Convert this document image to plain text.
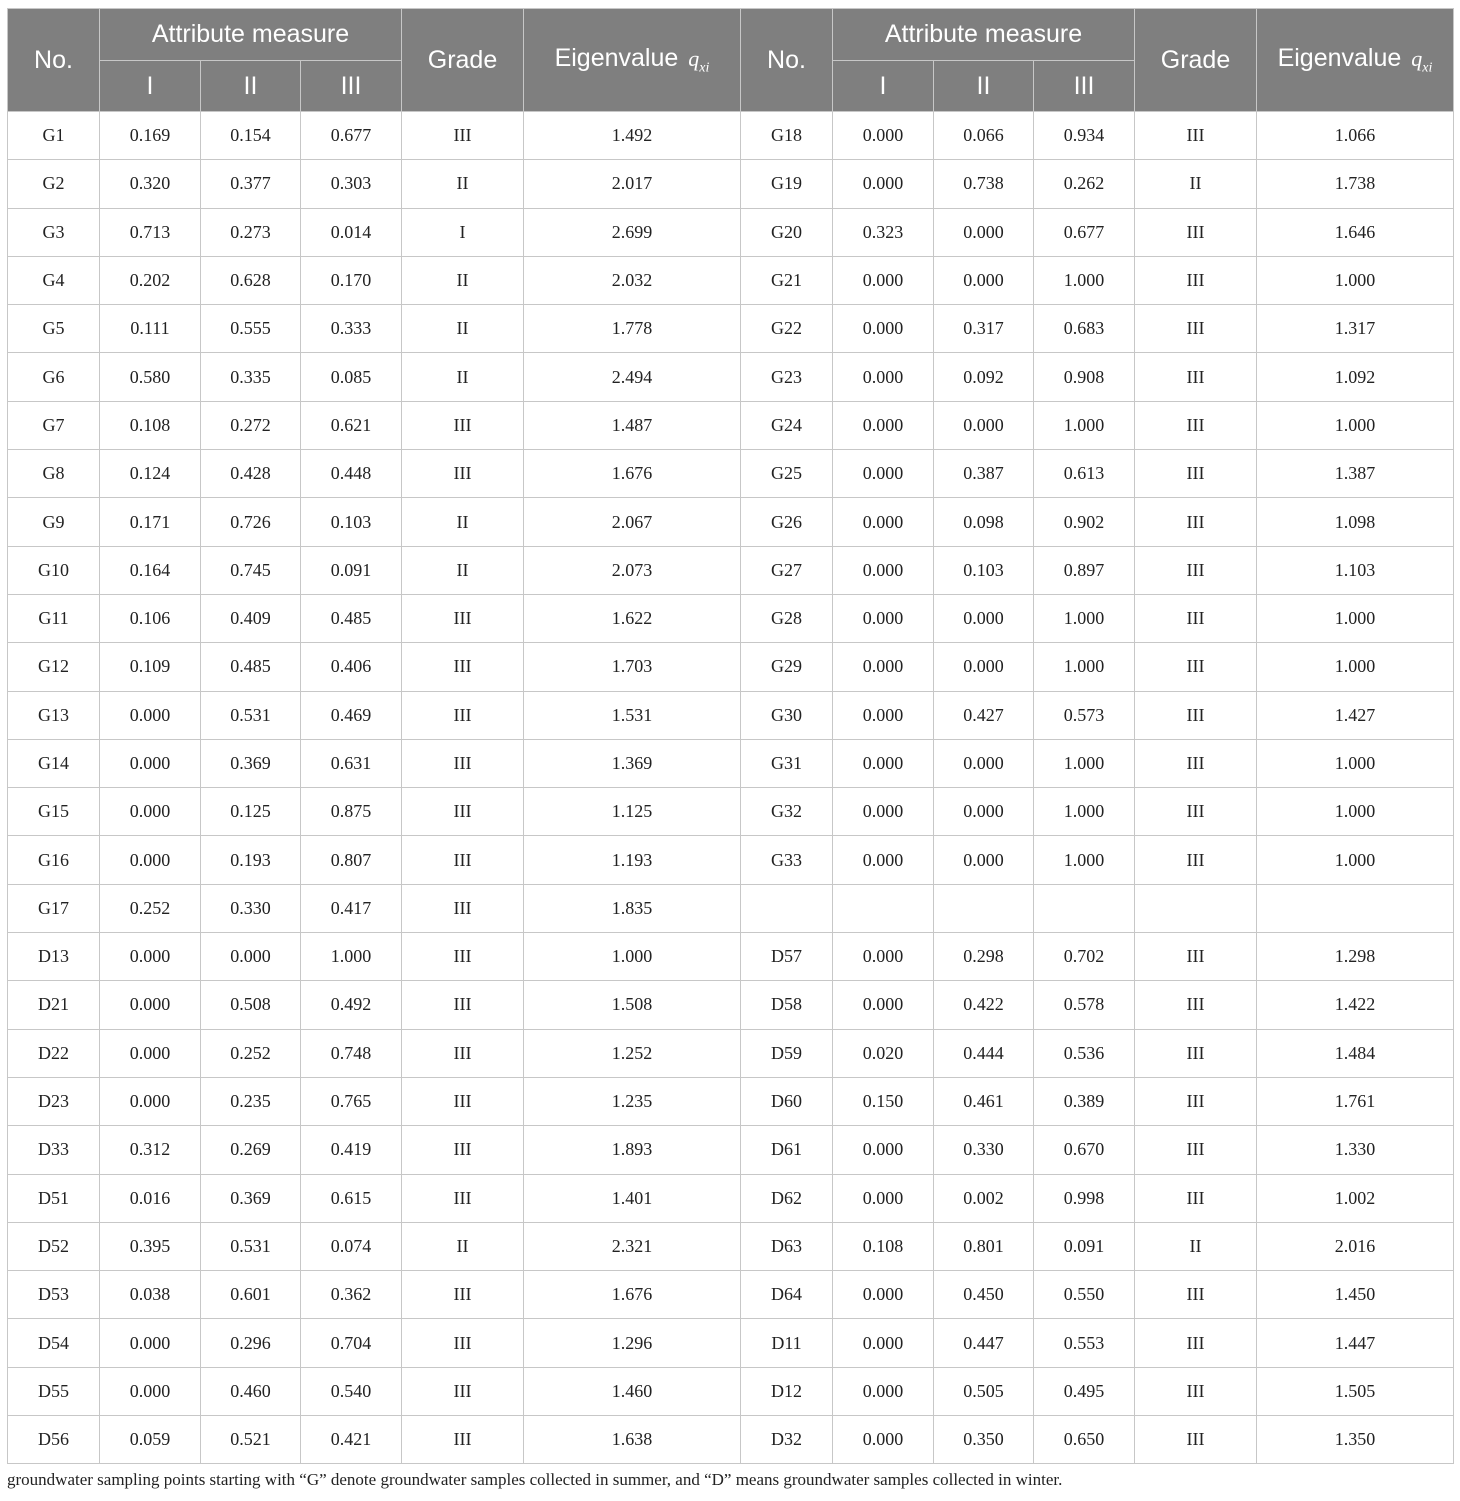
No.	Attribute measure			Grade	Eigenvalue $q_{xi}$	No.	Attribute measure			Grade	Eigenvalue $q_{xi}$
	I	II	III				I	II	III		
G1	0.169	0.154	0.677	III	1.492	G18	0.000	0.066	0.934	III	1.066
G2	0.320	0.377	0.303	II	2.017	G19	0.000	0.738	0.262	II	1.738
G3	0.713	0.273	0.014	I	2.699	G20	0.323	0.000	0.677	III	1.646
G4	0.202	0.628	0.170	II	2.032	G21	0.000	0.000	1.000	III	1.000
G5	0.111	0.555	0.333	II	1.778	G22	0.000	0.317	0.683	III	1.317
G6	0.580	0.335	0.085	II	2.494	G23	0.000	0.092	0.908	III	1.092
G7	0.108	0.272	0.621	III	1.487	G24	0.000	0.000	1.000	III	1.000
G8	0.124	0.428	0.448	III	1.676	G25	0.000	0.387	0.613	III	1.387
G9	0.171	0.726	0.103	II	2.067	G26	0.000	0.098	0.902	III	1.098
G10	0.164	0.745	0.091	II	2.073	G27	0.000	0.103	0.897	III	1.103
G11	0.106	0.409	0.485	III	1.622	G28	0.000	0.000	1.000	III	1.000
G12	0.109	0.485	0.406	III	1.703	G29	0.000	0.000	1.000	III	1.000
G13	0.000	0.531	0.469	III	1.531	G30	0.000	0.427	0.573	III	1.427
G14	0.000	0.369	0.631	III	1.369	G31	0.000	0.000	1.000	III	1.000
G15	0.000	0.125	0.875	III	1.125	G32	0.000	0.000	1.000	III	1.000
G16	0.000	0.193	0.807	III	1.193	G33	0.000	0.000	1.000	III	1.000
G17	0.252	0.330	0.417	III	1.835						
D13	0.000	0.000	1.000	III	1.000	D57	0.000	0.298	0.702	III	1.298
D21	0.000	0.508	0.492	III	1.508	D58	0.000	0.422	0.578	III	1.422
D22	0.000	0.252	0.748	III	1.252	D59	0.020	0.444	0.536	III	1.484
D23	0.000	0.235	0.765	III	1.235	D60	0.150	0.461	0.389	III	1.761
D33	0.312	0.269	0.419	III	1.893	D61	0.000	0.330	0.670	III	1.330
D51	0.016	0.369	0.615	III	1.401	D62	0.000	0.002	0.998	III	1.002
D52	0.395	0.531	0.074	II	2.321	D63	0.108	0.801	0.091	II	2.016
D53	0.038	0.601	0.362	III	1.676	D64	0.000	0.450	0.550	III	1.450
D54	0.000	0.296	0.704	III	1.296	D11	0.000	0.447	0.553	III	1.447
D55	0.000	0.460	0.540	III	1.460	D12	0.000	0.505	0.495	III	1.505
D56	0.059	0.521	0.421	III	1.638	D32	0.000	0.350	0.650	III	1.350
groundwater sampling points starting with “G” denote groundwater samples collected in summer, and “D” means groundwater samples collected in winter.
